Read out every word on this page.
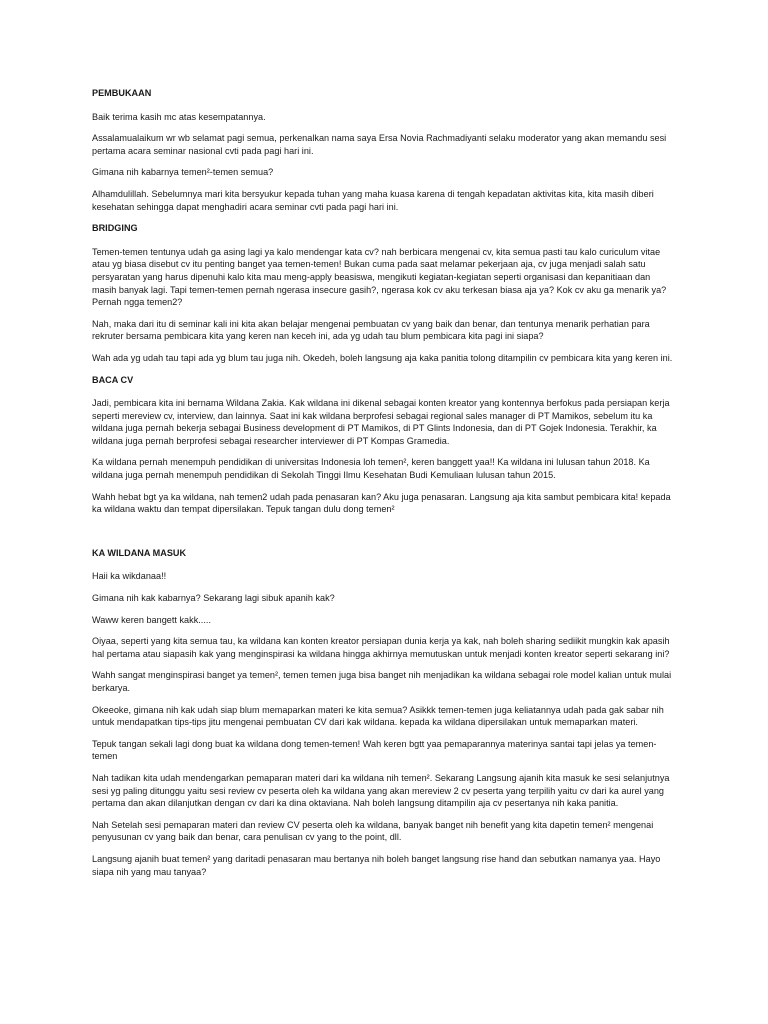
PEMBUKAAN
Baik terima kasih mc atas kesempatannya.
Assalamualaikum wr wb selamat pagi semua, perkenalkan nama saya Ersa Novia Rachmadiyanti selaku moderator yang akan memandu sesi pertama acara seminar nasional cvti pada pagi hari ini.
Gimana nih kabarnya temen²-temen semua?
Alhamdulillah. Sebelumnya mari kita bersyukur kepada tuhan yang maha kuasa karena di tengah kepadatan aktivitas kita, kita masih diberi kesehatan sehingga dapat menghadiri acara seminar cvti pada pagi hari ini.
BRIDGING
Temen-temen tentunya udah ga asing lagi ya kalo mendengar kata cv? nah berbicara mengenai cv, kita semua pasti tau kalo curiculum vitae atau yg biasa disebut cv itu penting banget yaa temen-temen! Bukan cuma pada saat melamar pekerjaan aja, cv juga menjadi salah satu persyaratan yang harus dipenuhi kalo kita mau meng-apply beasiswa, mengikuti kegiatan-kegiatan seperti organisasi dan kepanitiaan dan masih banyak lagi. Tapi temen-temen pernah ngerasa insecure gasih?, ngerasa kok cv aku terkesan biasa aja ya? Kok cv aku ga menarik ya? Pernah ngga temen2?
Nah, maka dari itu di seminar kali ini kita akan belajar mengenai pembuatan cv yang baik dan benar, dan tentunya menarik perhatian para rekruter bersama pembicara kita yang keren nan keceh ini, ada yg udah tau blum pembicara kita pagi ini siapa?
Wah ada yg udah tau tapi ada yg blum tau juga nih. Okedeh, boleh langsung aja kaka panitia tolong ditampilin cv pembicara kita yang keren ini.
BACA CV
Jadi, pembicara kita ini bernama Wildana Zakia. Kak wildana ini dikenal sebagai konten kreator yang kontennya berfokus pada persiapan kerja seperti mereview cv, interview, dan lainnya. Saat ini kak wildana berprofesi sebagai regional sales manager di PT Mamikos, sebelum itu ka wildana juga pernah bekerja sebagai Business development di PT Mamikos, di PT Glints Indonesia, dan di PT Gojek Indonesia. Terakhir, ka wildana juga pernah berprofesi sebagai researcher interviewer di PT Kompas Gramedia.
Ka wildana pernah menempuh pendidikan di universitas Indonesia loh temen², keren banggett yaa!! Ka wildana ini lulusan tahun 2018. Ka wildana juga pernah menempuh pendidikan di Sekolah Tinggi Ilmu Kesehatan Budi Kemuliaan lulusan tahun 2015.
Wahh hebat bgt ya ka wildana, nah temen2 udah pada penasaran kan? Aku juga penasaran. Langsung aja kita sambut pembicara kita! kepada ka wildana waktu dan tempat dipersilakan. Tepuk tangan dulu dong temen²
KA WILDANA MASUK
Haii ka wikdanaa!!
Gimana nih kak kabarnya? Sekarang lagi sibuk apanih kak?
Waww keren bangett kakk.....
Oiyaa, seperti yang kita semua tau, ka wildana kan konten kreator persiapan dunia kerja ya kak, nah boleh sharing sediikit mungkin kak apasih hal pertama atau siapasih kak yang menginspirasi ka wildana hingga akhirnya memutuskan untuk menjadi konten kreator seperti sekarang ini?
Wahh sangat menginspirasi banget ya temen², temen temen juga bisa banget nih menjadikan ka wildana sebagai role model kalian untuk mulai berkarya.
Okeeoke, gimana nih kak udah siap blum memaparkan materi ke kita semua? Asikkk temen-temen juga keliatannya udah pada gak sabar nih untuk mendapatkan tips-tips jitu mengenai pembuatan CV dari kak wildana. kepada ka wildana dipersilakan untuk memaparkan materi.
Tepuk tangan sekali lagi dong buat ka wildana dong temen-temen! Wah keren bgtt yaa pemaparannya materinya santai tapi jelas ya temen-temen
Nah tadikan kita udah mendengarkan pemaparan materi dari ka wildana nih temen². Sekarang Langsung ajanih kita masuk ke sesi selanjutnya sesi yg paling ditunggu yaitu sesi review cv peserta oleh ka wildana yang akan mereview 2 cv peserta yang terpilih yaitu cv dari ka aurel yang pertama dan akan dilanjutkan dengan cv dari ka dina oktaviana. Nah boleh langsung ditampilin aja cv pesertanya nih kaka panitia.
Nah Setelah sesi pemaparan materi dan review CV peserta oleh ka wildana, banyak banget nih benefit yang kita dapetin temen² mengenai penyusunan cv yang baik dan benar, cara penulisan cv yang to the point, dll.
Langsung ajanih buat temen² yang daritadi penasaran mau bertanya nih boleh banget langsung rise hand dan sebutkan namanya yaa. Hayo siapa nih yang mau tanyaa?
